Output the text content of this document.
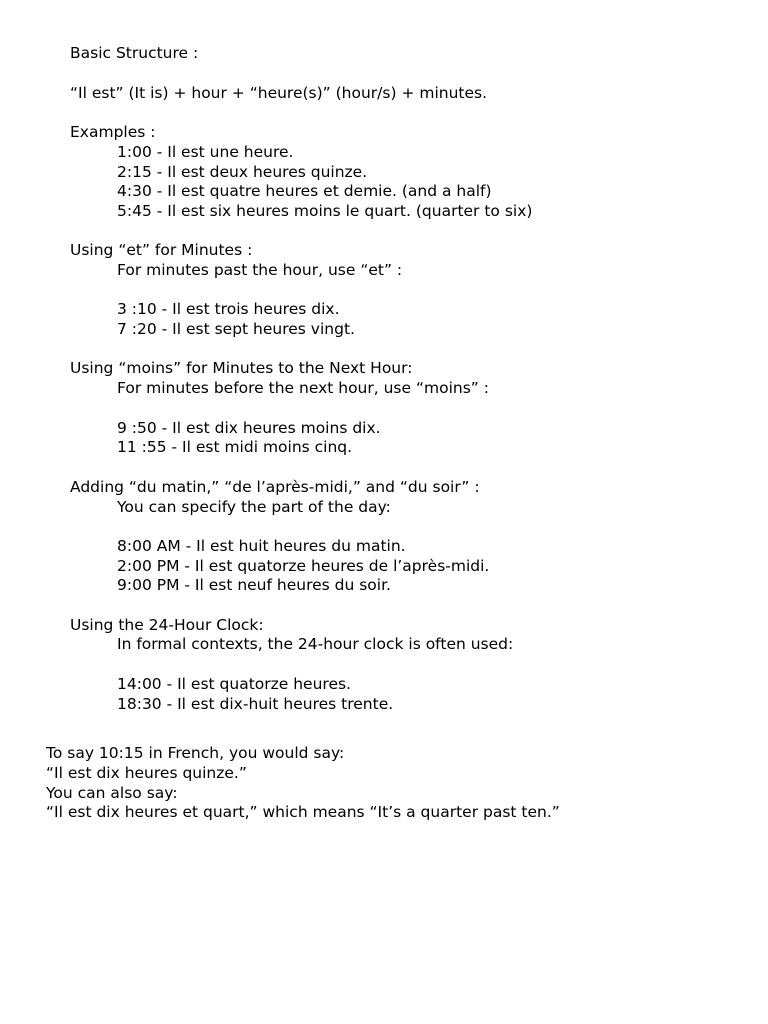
Basic Structure :
“Il est” (It is) + hour + “heure(s)” (hour/s) + minutes.
Examples :
1:00 - Il est une heure.
2:15 - Il est deux heures quinze.
4:30 - Il est quatre heures et demie. (and a half)
5:45 - Il est six heures moins le quart. (quarter to six)
Using “et” for Minutes :
For minutes past the hour, use “et” :
3 :10 - Il est trois heures dix.
7 :20 - Il est sept heures vingt.
Using “moins” for Minutes to the Next Hour:
For minutes before the next hour, use “moins” :
9 :50 - Il est dix heures moins dix.
11 :55 - Il est midi moins cinq.
Adding “du matin,” “de l’après-midi,” and “du soir” :
You can specify the part of the day:
8:00 AM - Il est huit heures du matin.
2:00 PM - Il est quatorze heures de l’après-midi.
9:00 PM - Il est neuf heures du soir.
Using the 24-Hour Clock:
In formal contexts, the 24-hour clock is often used:
14:00 - Il est quatorze heures.
18:30 - Il est dix-huit heures trente.
To say 10:15 in French, you would say:
“Il est dix heures quinze.”
You can also say:
“Il est dix heures et quart,” which means “It’s a quarter past ten.”
